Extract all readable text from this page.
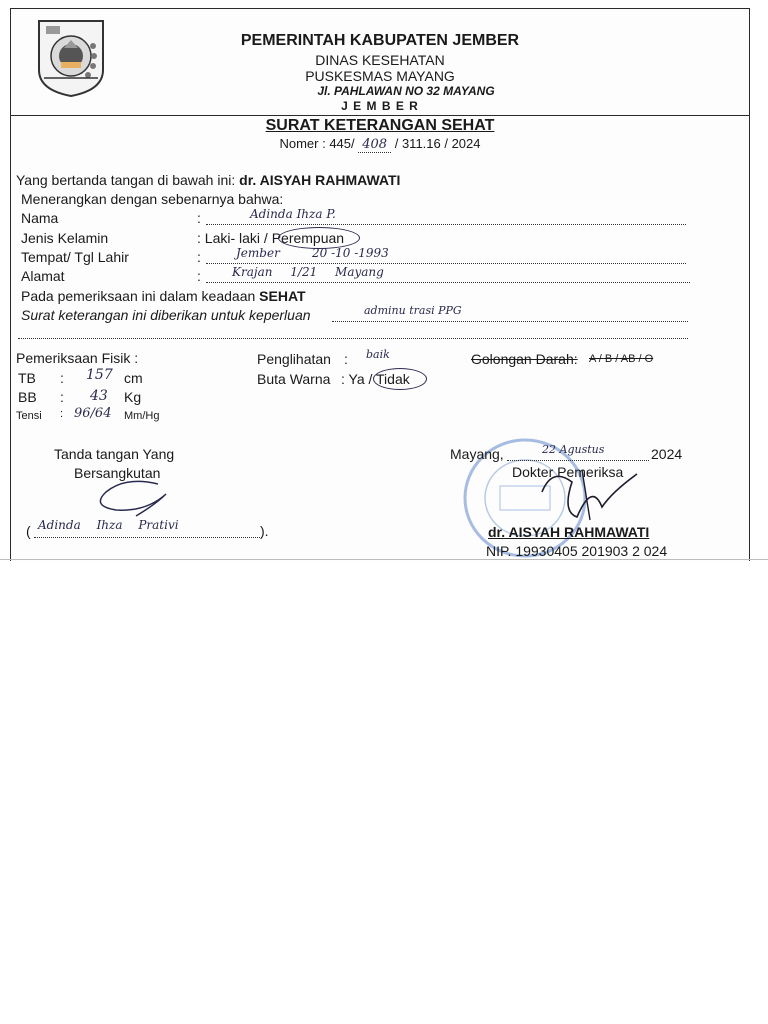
PEMERINTAH KABUPATEN JEMBER
DINAS KESEHATAN
PUSKESMAS MAYANG
Jl. PAHLAWAN NO 32 MAYANG
J E M B E R
SURAT KETERANGAN SEHAT
Nomer : 445/ 408 / 311.16 / 2024
Yang bertanda tangan di bawah ini: dr. AISYAH RAHMAWATI
Menerangkan dengan sebenarnya bahwa:
Nama	:	Adinda Ihza P.
Jenis Kelamin	: Laki- laki / Perempuan
Tempat/ Tgl Lahir	:	Jember	20 -10 -1993
Alamat	:	Krajan 1/21 Mayang
Pada pemeriksaan ini dalam keadaan SEHAT
Surat keterangan ini diberikan untuk keperluan	adminu trasi PPG
Pemeriksaan Fisik :
TB : 157 cm
BB : 43 Kg
Tensi : 96/64 Mm/Hg
Penglihatan : baik
Buta Warna : Ya / Tidak
Golongan Darah: A / B / AB / O
Tanda tangan Yang
Bersangkutan
( Adinda Ihza Prativi	).
Mayang,	22 Agustus	2024
Dokter Pemeriksa
dr. AISYAH RAHMAWATI
NIP. 19930405 201903 2 024
